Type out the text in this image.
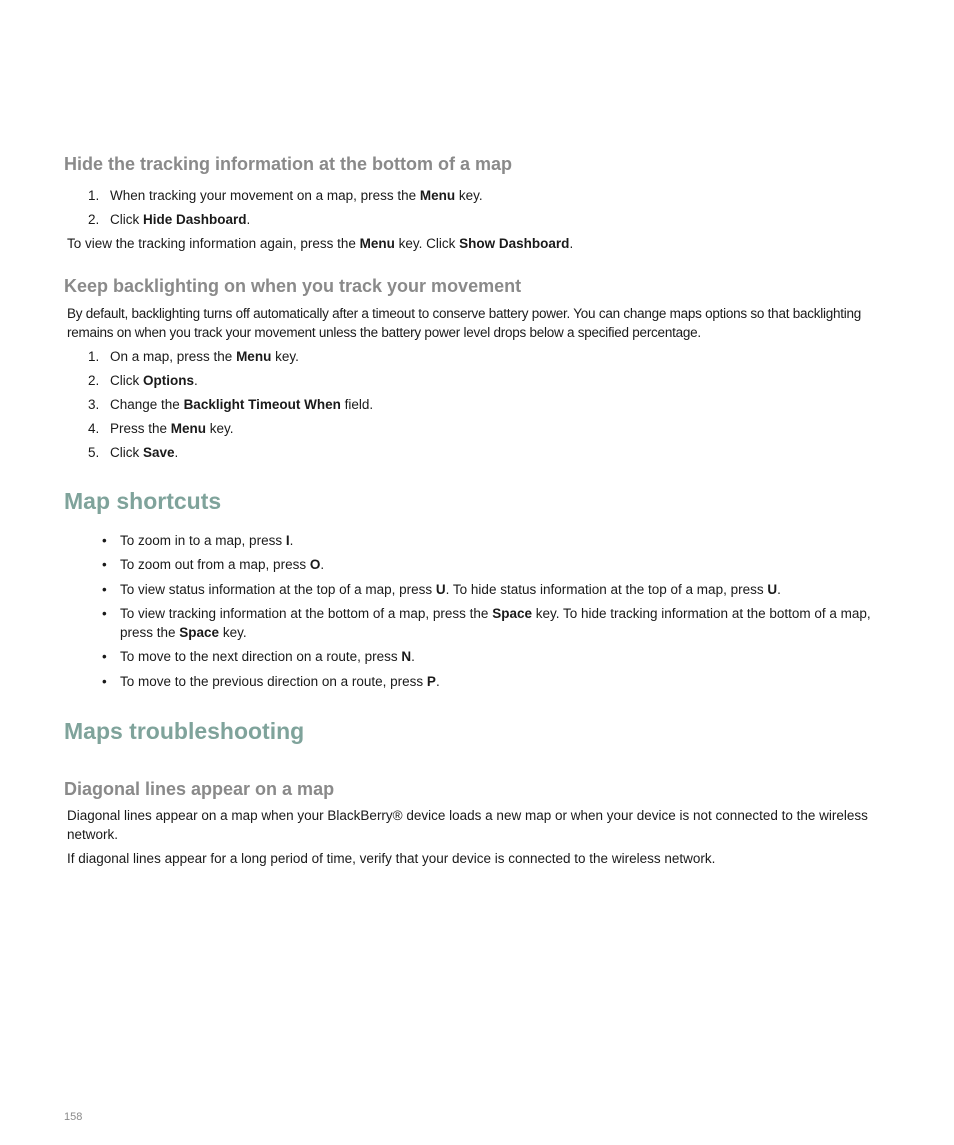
Hide the tracking information at the bottom of a map

1. When tracking your movement on a map, press the Menu key.

2. Click Hide Dashboard.

To view the tracking information again, press the Menu key. Click Show Dashboard.

Keep backlighting on when you track your movement

By default, backlighting turns off automatically after a timeout to conserve battery power. You can change maps options so that backlighting remains on when you track your movement unless the battery power level drops below a specified percentage.

1. On a map, press the Menu key.

2. Click Options.

3. Change the Backlight Timeout When field.

4. Press the Menu key.

5. Click Save.

Map shortcuts

• To zoom in to a map, press I.

• To zoom out from a map, press O.

• To view status information at the top of a map, press U. To hide status information at the top of a map, press U.

• To view tracking information at the bottom of a map, press the Space key. To hide tracking information at the bottom of a map, press the Space key.

• To move to the next direction on a route, press N.

• To move to the previous direction on a route, press P.

Maps troubleshooting
Diagonal lines appear on a map

Diagonal lines appear on a map when your BlackBerry® device loads a new map or when your device is not connected to the wireless network.

If diagonal lines appear for a long period of time, verify that your device is connected to the wireless network.

158
